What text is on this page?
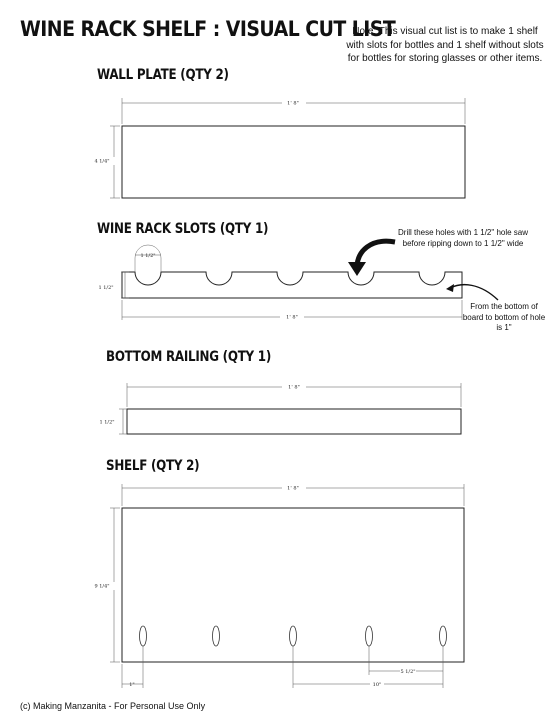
WINE RACK SHELF : VISUAL CUT LIST
Note: This visual cut list is to make 1 shelf with slots for bottles and 1 shelf without slots for bottles for storing glasses or other items.
WALL PLATE (QTY 2)
WINE RACK SLOTS (QTY 1)
BOTTOM RAILING (QTY 1)
SHELF (QTY 2)
Drill these holes with 1 1/2" hole saw before ripping down to 1 1/2" wide
From the bottom of board to bottom of hole is 1"
1' 8"
4 1/4"
1 1/2"
1 1/2"
1' 8"
1' 8"
1 1/2"
1' 8"
9 1/4"
1"
5 1/2"
10"
(c) Making Manzanita - For Personal Use Only
